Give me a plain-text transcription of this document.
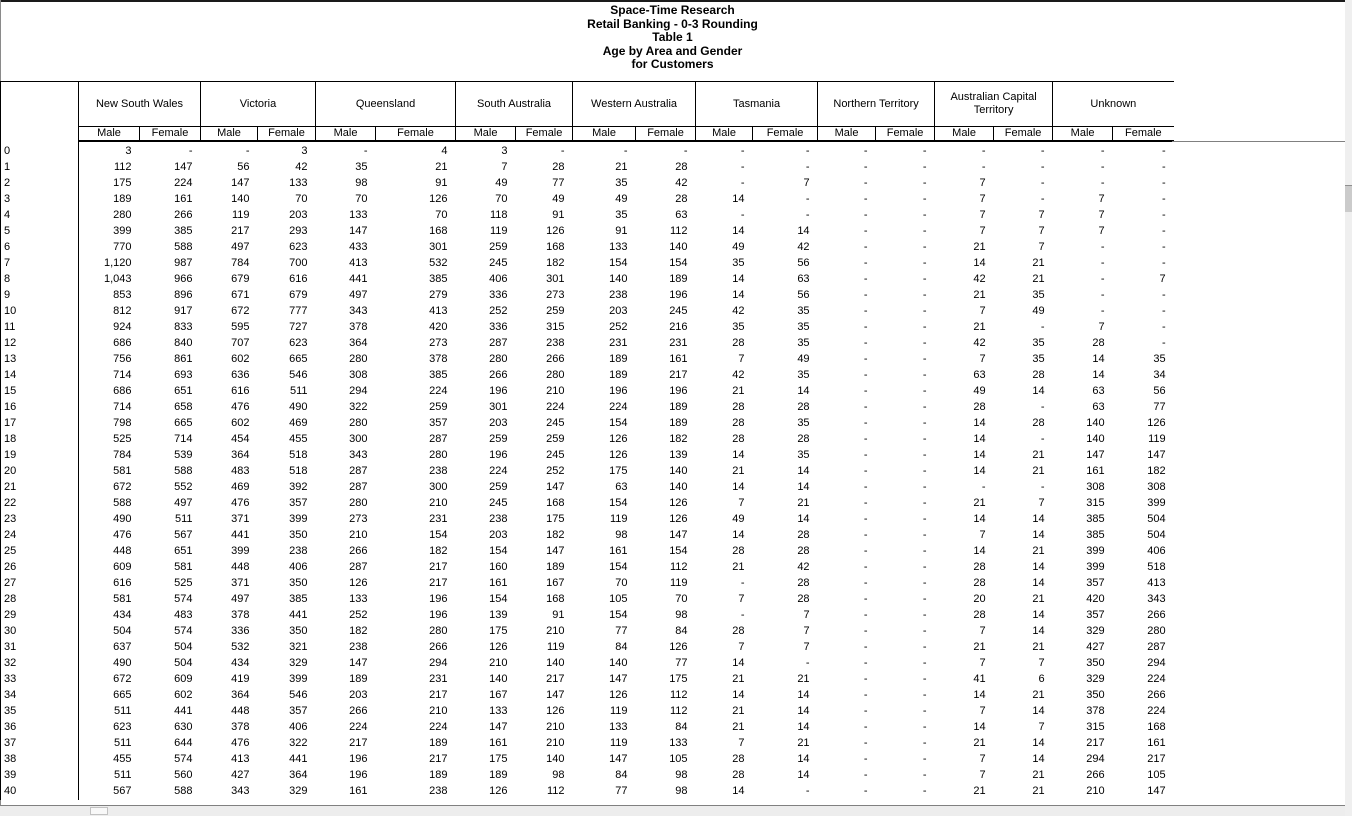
Space-Time Research
Retail Banking - 0-3 Rounding
Table 1
Age by Area and Gender
for Customers
	New South Wales		Victoria		Queensland		South Australia		Western Australia		Tasmania		Northern Territory		Australian Capital Territory		Unknown	
	Male	Female	Male	Female	Male	Female	Male	Female	Male	Female	Male	Female	Male	Female	Male	Female	Male	Female
0	3	-	-	3	-	4	3	-	-	-	-	-	-	-	-	-	-	-
1	112	147	56	42	35	21	7	28	21	28	-	-	-	-	-	-	-	-
2	175	224	147	133	98	91	49	77	35	42	-	7	-	-	7	-	-	-
3	189	161	140	70	70	126	70	49	49	28	14	-	-	-	7	-	7	-
4	280	266	119	203	133	70	118	91	35	63	-	-	-	-	7	7	7	-
5	399	385	217	293	147	168	119	126	91	112	14	14	-	-	7	7	7	-
6	770	588	497	623	433	301	259	168	133	140	49	42	-	-	21	7	-	-
7	1,120	987	784	700	413	532	245	182	154	154	35	56	-	-	14	21	-	-
8	1,043	966	679	616	441	385	406	301	140	189	14	63	-	-	42	21	-	7
9	853	896	671	679	497	279	336	273	238	196	14	56	-	-	21	35	-	-
10	812	917	672	777	343	413	252	259	203	245	42	35	-	-	7	49	-	-
11	924	833	595	727	378	420	336	315	252	216	35	35	-	-	21	-	7	-
12	686	840	707	623	364	273	287	238	231	231	28	35	-	-	42	35	28	-
13	756	861	602	665	280	378	280	266	189	161	7	49	-	-	7	35	14	35
14	714	693	636	546	308	385	266	280	189	217	42	35	-	-	63	28	14	34
15	686	651	616	511	294	224	196	210	196	196	21	14	-	-	49	14	63	56
16	714	658	476	490	322	259	301	224	224	189	28	28	-	-	28	-	63	77
17	798	665	602	469	280	357	203	245	154	189	28	35	-	-	14	28	140	126
18	525	714	454	455	300	287	259	259	126	182	28	28	-	-	14	-	140	119
19	784	539	364	518	343	280	196	245	126	139	14	35	-	-	14	21	147	147
20	581	588	483	518	287	238	224	252	175	140	21	14	-	-	14	21	161	182
21	672	552	469	392	287	300	259	147	63	140	14	14	-	-	-	-	308	308
22	588	497	476	357	280	210	245	168	154	126	7	21	-	-	21	7	315	399
23	490	511	371	399	273	231	238	175	119	126	49	14	-	-	14	14	385	504
24	476	567	441	350	210	154	203	182	98	147	14	28	-	-	7	14	385	504
25	448	651	399	238	266	182	154	147	161	154	28	28	-	-	14	21	399	406
26	609	581	448	406	287	217	160	189	154	112	21	42	-	-	28	14	399	518
27	616	525	371	350	126	217	161	167	70	119	-	28	-	-	28	14	357	413
28	581	574	497	385	133	196	154	168	105	70	7	28	-	-	20	21	420	343
29	434	483	378	441	252	196	139	91	154	98	-	7	-	-	28	14	357	266
30	504	574	336	350	182	280	175	210	77	84	28	7	-	-	7	14	329	280
31	637	504	532	321	238	266	126	119	84	126	7	7	-	-	21	21	427	287
32	490	504	434	329	147	294	210	140	140	77	14	-	-	-	7	7	350	294
33	672	609	419	399	189	231	140	217	147	175	21	21	-	-	41	6	329	224
34	665	602	364	546	203	217	167	147	126	112	14	14	-	-	14	21	350	266
35	511	441	448	357	266	210	133	126	119	112	21	14	-	-	7	14	378	224
36	623	630	378	406	224	224	147	210	133	84	21	14	-	-	14	7	315	168
37	511	644	476	322	217	189	161	210	119	133	7	21	-	-	21	14	217	161
38	455	574	413	441	196	217	175	140	147	105	28	14	-	-	7	14	294	217
39	511	560	427	364	196	189	189	98	84	98	28	14	-	-	7	21	266	105
40	567	588	343	329	161	238	126	112	77	98	14	-	-	-	21	21	210	147
